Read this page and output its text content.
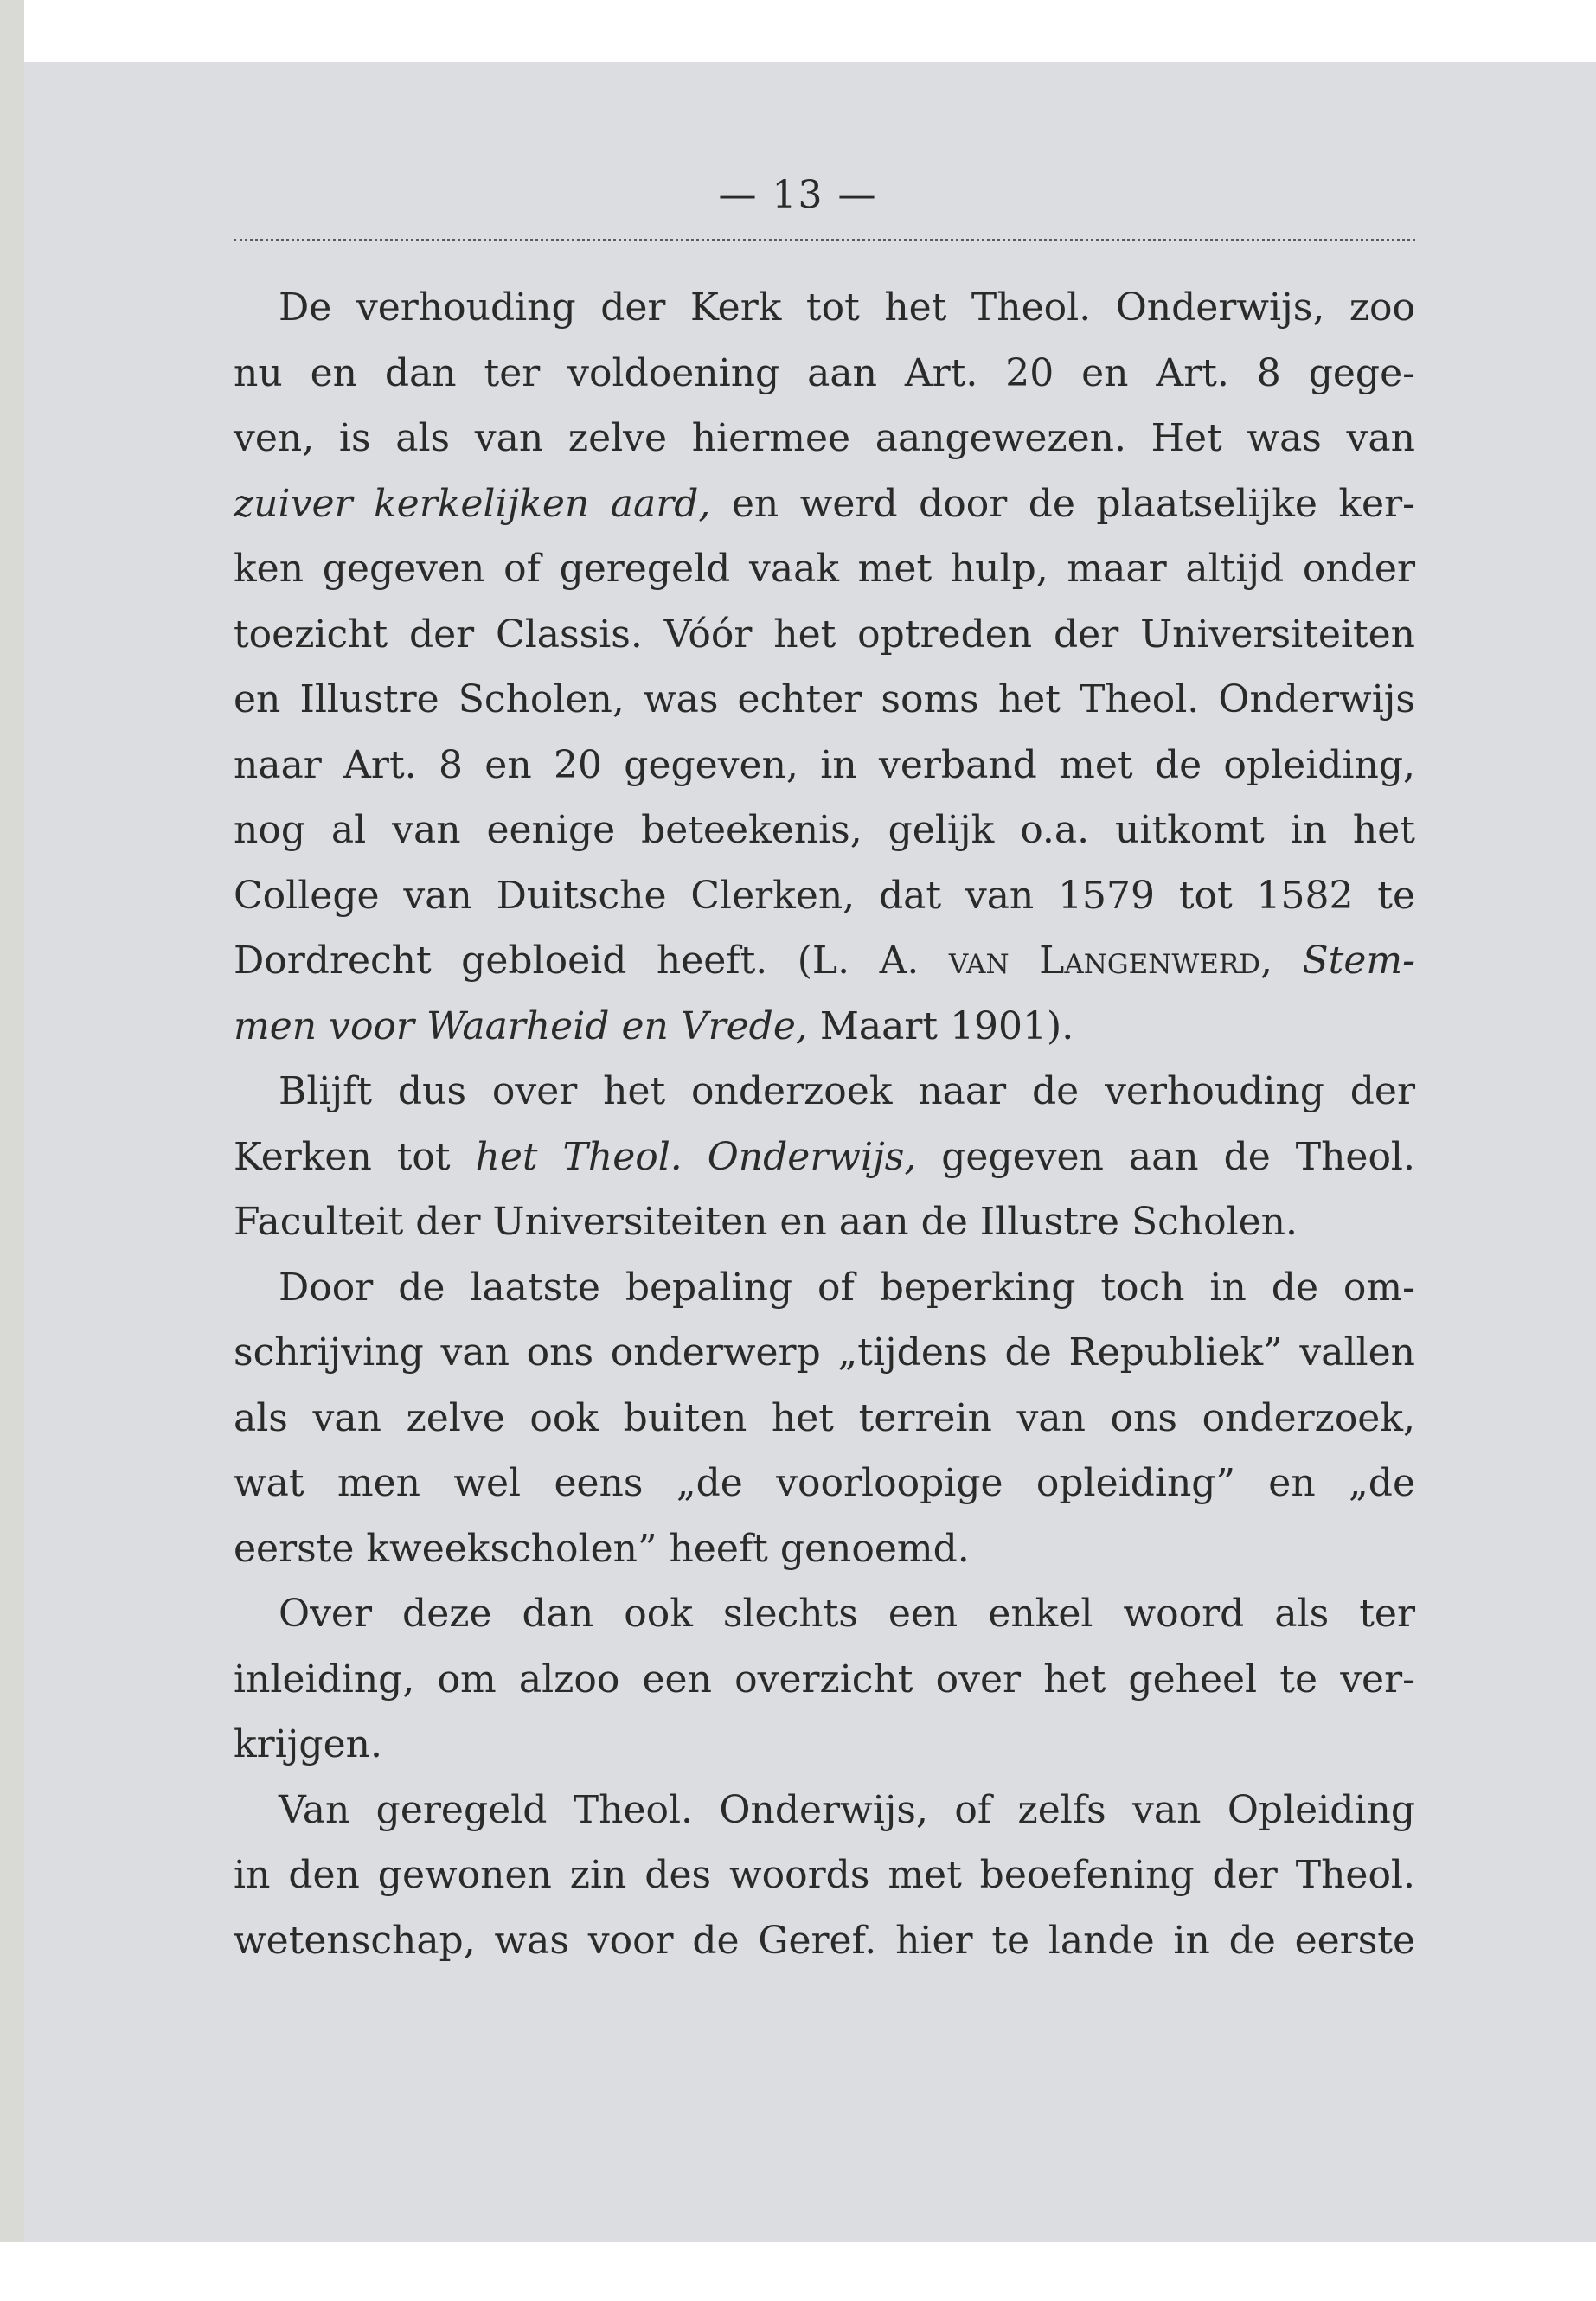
— 13 —
De verhouding der Kerk tot het Theol. Onderwijs, zoo
nu en dan ter voldoening aan Art. 20 en Art. 8 gege-
ven, is als van zelve hiermee aangewezen. Het was van
zuiver kerkelijken aard, en werd door de plaatselijke ker-
ken gegeven of geregeld vaak met hulp, maar altijd onder
toezicht der Classis. Vóór het optreden der Universiteiten
en Illustre Scholen, was echter soms het Theol. Onderwijs
naar Art. 8 en 20 gegeven, in verband met de opleiding,
nog al van eenige beteekenis, gelijk o.a. uitkomt in het
College van Duitsche Clerken, dat van 1579 tot 1582 te
Dordrecht gebloeid heeft. (L. A. van Langenwerd, Stem-
men voor Waarheid en Vrede, Maart 1901).
Blijft dus over het onderzoek naar de verhouding der
Kerken tot het Theol. Onderwijs, gegeven aan de Theol.
Faculteit der Universiteiten en aan de Illustre Scholen.
Door de laatste bepaling of beperking toch in de om-
schrijving van ons onderwerp „tijdens de Republiek” vallen
als van zelve ook buiten het terrein van ons onderzoek,
wat men wel eens „de voorloopige opleiding” en „de
eerste kweekscholen” heeft genoemd.
Over deze dan ook slechts een enkel woord als ter
inleiding, om alzoo een overzicht over het geheel te ver-
krijgen.
Van geregeld Theol. Onderwijs, of zelfs van Opleiding
in den gewonen zin des woords met beoefening der Theol.
wetenschap, was voor de Geref. hier te lande in de eerste
